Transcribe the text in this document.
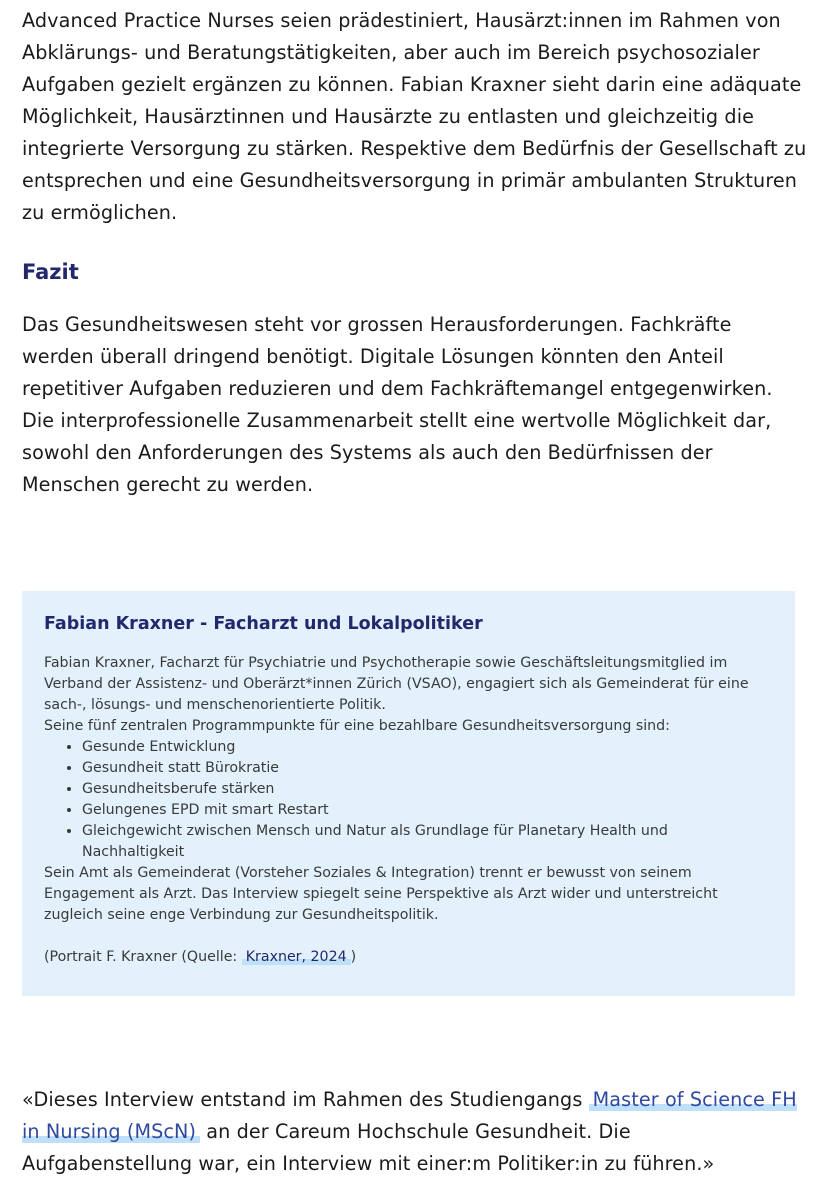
Advanced Practice Nurses seien prädestiniert, Hausärzt:innen im Rahmen von Abklärungs- und Beratungstätigkeiten, aber auch im Bereich psychosozialer Aufgaben gezielt ergänzen zu können. Fabian Kraxner sieht darin eine adäquate Möglichkeit, Hausärztinnen und Hausärzte zu entlasten und gleichzeitig die integrierte Versorgung zu stärken. Respektive dem Bedürfnis der Gesellschaft zu entsprechen und eine Gesundheitsversorgung in primär ambulanten Strukturen zu ermöglichen.

Fazit

Das Gesundheitswesen steht vor grossen Herausforderungen. Fachkräfte werden überall dringend benötigt. Digitale Lösungen könnten den Anteil repetitiver Aufgaben reduzieren und dem Fachkräftemangel entgegenwirken. Die interprofessionelle Zusammenarbeit stellt eine wertvolle Möglichkeit dar, sowohl den Anforderungen des Systems als auch den Bedürfnissen der Menschen gerecht zu werden.

Fabian Kraxner - Facharzt und Lokalpolitiker

Fabian Kraxner, Facharzt für Psychiatrie und Psychotherapie sowie Geschäftsleitungsmitglied im Verband der Assistenz- und Oberärzt*innen Zürich (VSAO), engagiert sich als Gemeinderat für eine sach-, lösungs- und menschenorientierte Politik.

Seine fünf zentralen Programmpunkte für eine bezahlbare Gesundheitsversorgung sind:

• Gesunde Entwicklung
• Gesundheit statt Bürokratie
• Gesundheitsberufe stärken
• Gelungenes EPD mit smart Restart
• Gleichgewicht zwischen Mensch und Natur als Grundlage für Planetary Health und Nachhaltigkeit

Sein Amt als Gemeinderat (Vorsteher Soziales & Integration) trennt er bewusst von seinem Engagement als Arzt. Das Interview spiegelt seine Perspektive als Arzt wider und unterstreicht zugleich seine enge Verbindung zur Gesundheitspolitik.

(Portrait F. Kraxner (Quelle: Kraxner, 2024 )

«Dieses Interview entstand im Rahmen des Studiengangs Master of Science FH in Nursing (MScN) an der Careum Hochschule Gesundheit. Die Aufgabenstellung war, ein Interview mit einer:m Politiker:in zu führen.»
